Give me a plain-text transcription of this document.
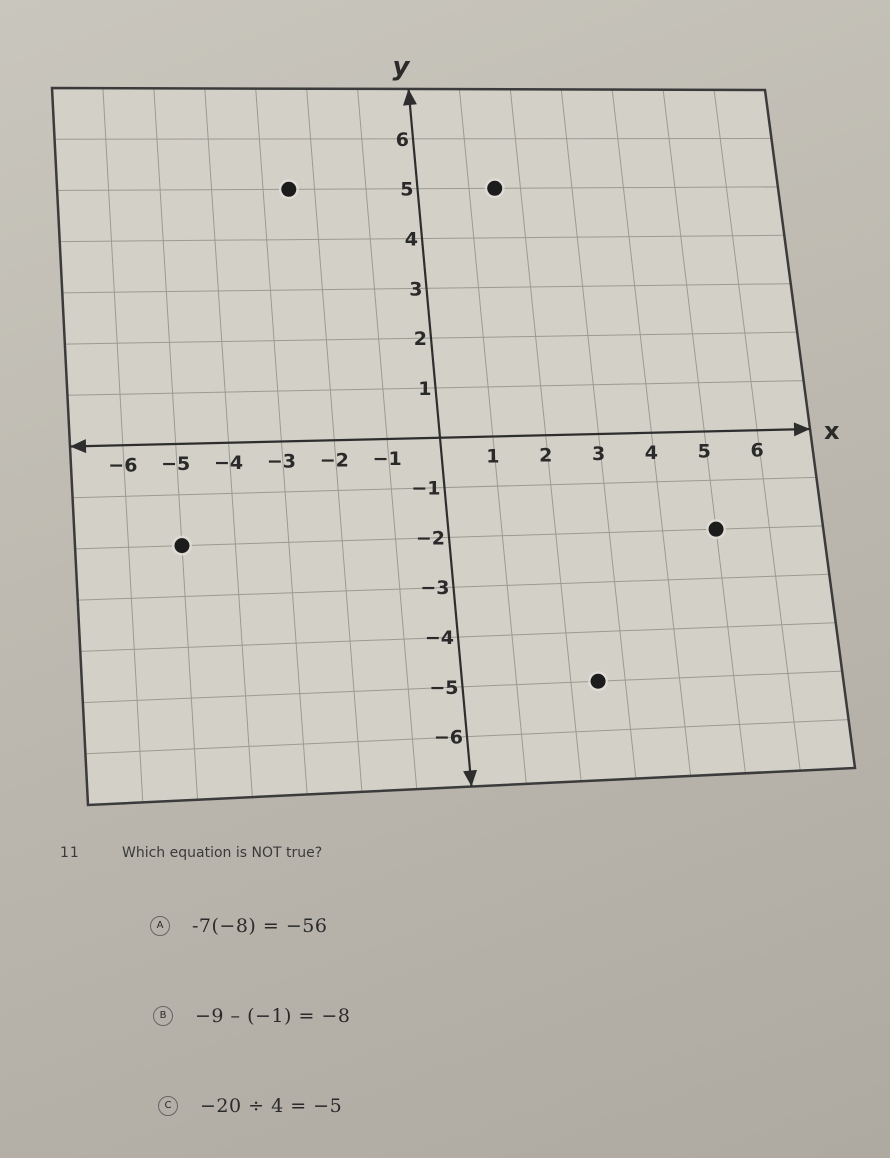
x
y
−6 −5 −4 −3 −2 −1	1 2 3 4 5 6
6
5
4
3
2
1
−1
−2
−3
−4
−5
−6
11	Which equation is NOT true?
A -7(−8) = −56
B −9 – (−1) = −8
C −20 ÷ 4 = −5
